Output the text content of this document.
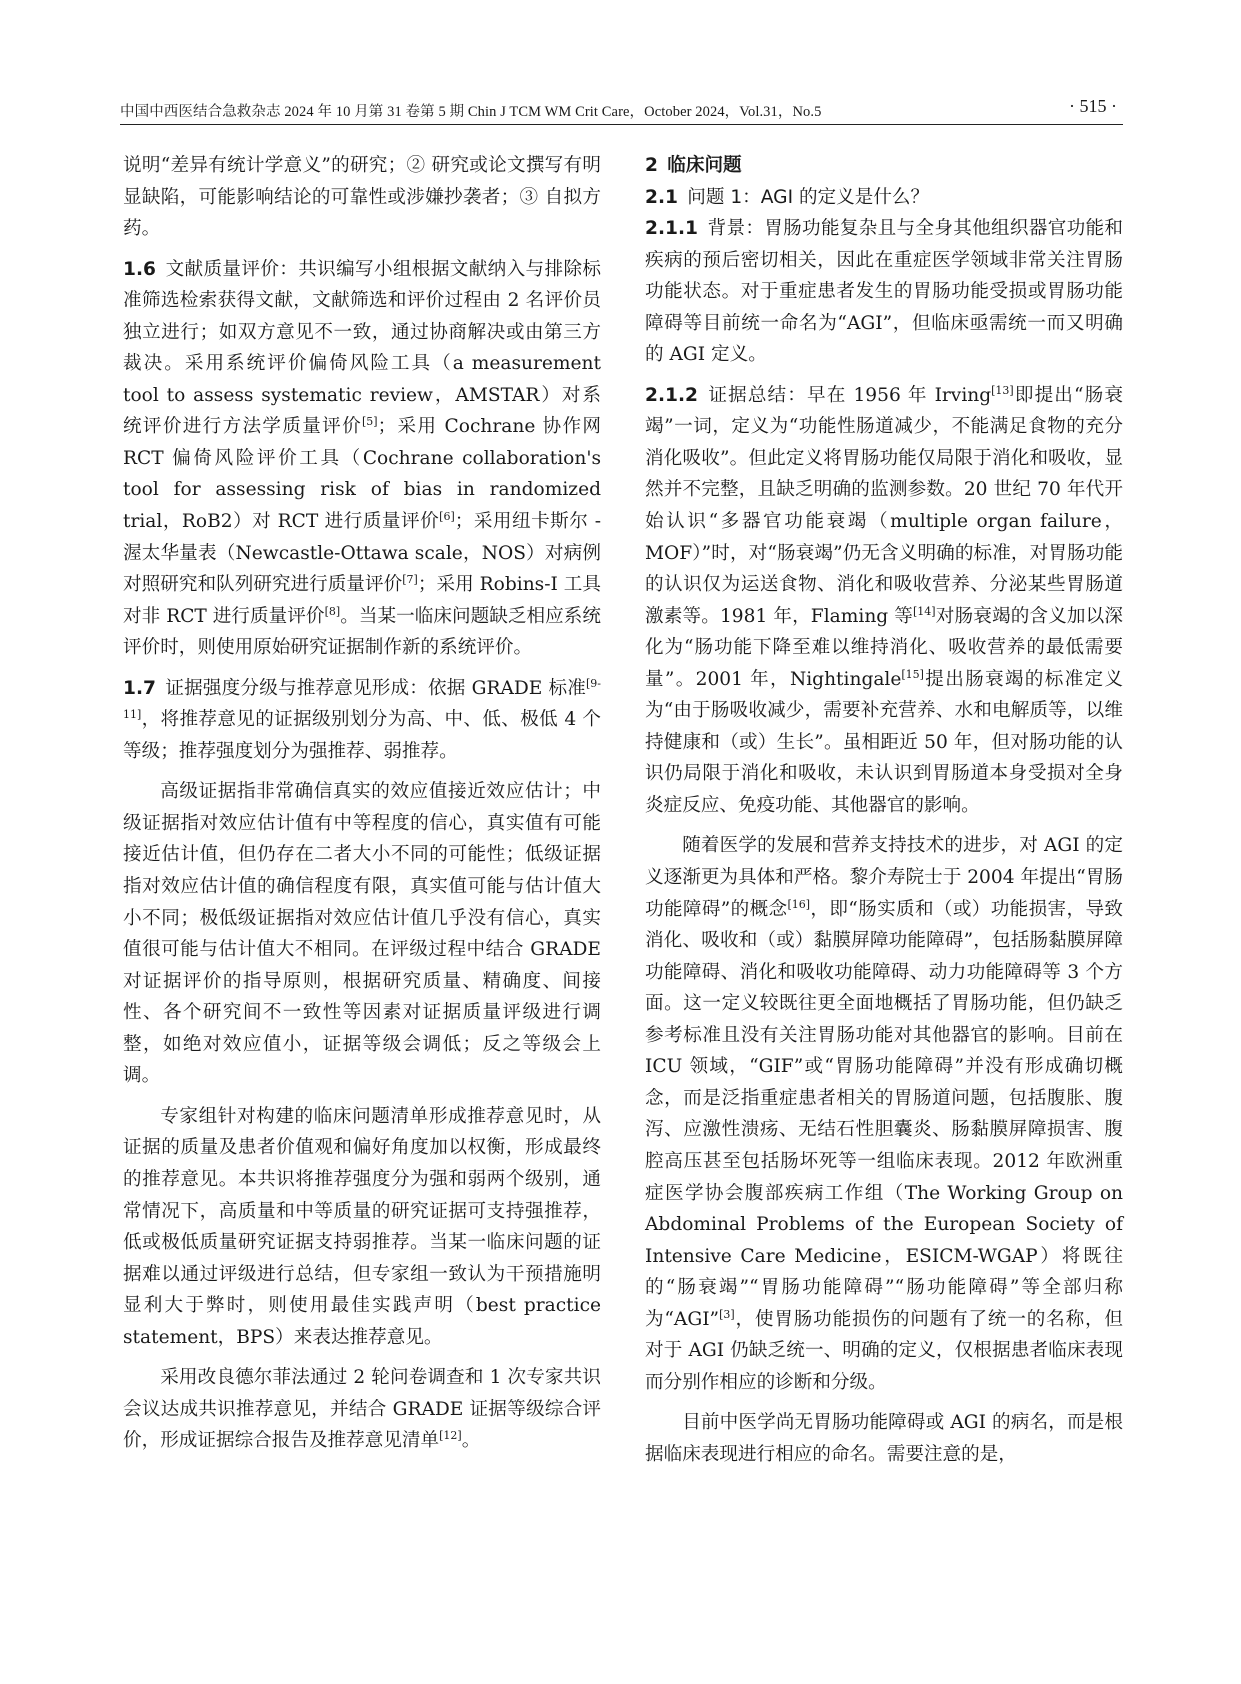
中国中西医结合急救杂志 2024 年 10 月第 31 卷第 5 期 Chin J TCM WM Crit Care，October 2024，Vol.31，No.5	· 515 ·

说明“差异有统计学意义”的研究；② 研究或论文撰写有明显缺陷，可能影响结论的可靠性或涉嫌抄袭者；③ 自拟方药。

1.6 文献质量评价：共识编写小组根据文献纳入与排除标准筛选检索获得文献，文献筛选和评价过程由 2 名评价员独立进行；如双方意见不一致，通过协商解决或由第三方裁决。采用系统评价偏倚风险工具（a measurement tool to assess systematic review，AMSTAR）对系统评价进行方法学质量评价[5]；采用 Cochrane 协作网 RCT 偏倚风险评价工具（Cochrane collaboration's tool for assessing risk of bias in randomized trial，RoB2）对 RCT 进行质量评价[6]；采用纽卡斯尔 - 渥太华量表（Newcastle-Ottawa scale，NOS）对病例对照研究和队列研究进行质量评价[7]；采用 Robins-I 工具对非 RCT 进行质量评价[8]。当某一临床问题缺乏相应系统评价时，则使用原始研究证据制作新的系统评价。

1.7 证据强度分级与推荐意见形成：依据 GRADE 标准[9-11]，将推荐意见的证据级别划分为高、中、低、极低 4 个等级；推荐强度划分为强推荐、弱推荐。

高级证据指非常确信真实的效应值接近效应估计；中级证据指对效应估计值有中等程度的信心，真实值有可能接近估计值，但仍存在二者大小不同的可能性；低级证据指对效应估计值的确信程度有限，真实值可能与估计值大小不同；极低级证据指对效应估计值几乎没有信心，真实值很可能与估计值大不相同。在评级过程中结合 GRADE 对证据评价的指导原则，根据研究质量、精确度、间接性、各个研究间不一致性等因素对证据质量评级进行调整，如绝对效应值小，证据等级会调低；反之等级会上调。

专家组针对构建的临床问题清单形成推荐意见时，从证据的质量及患者价值观和偏好角度加以权衡，形成最终的推荐意见。本共识将推荐强度分为强和弱两个级别，通常情况下，高质量和中等质量的研究证据可支持强推荐，低或极低质量研究证据支持弱推荐。当某一临床问题的证据难以通过评级进行总结，但专家组一致认为干预措施明显利大于弊时，则使用最佳实践声明（best practice statement，BPS）来表达推荐意见。

采用改良德尔菲法通过 2 轮问卷调查和 1 次专家共识会议达成共识推荐意见，并结合 GRADE 证据等级综合评价，形成证据综合报告及推荐意见清单[12]。

2 临床问题

2.1 问题 1：AGI 的定义是什么？

2.1.1 背景：胃肠功能复杂且与全身其他组织器官功能和疾病的预后密切相关，因此在重症医学领域非常关注胃肠功能状态。对于重症患者发生的胃肠功能受损或胃肠功能障碍等目前统一命名为“AGI”，但临床亟需统一而又明确的 AGI 定义。

2.1.2 证据总结：早在 1956 年 Irving[13]即提出“肠衰竭”一词，定义为“功能性肠道减少，不能满足食物的充分消化吸收”。但此定义将胃肠功能仅局限于消化和吸收，显然并不完整，且缺乏明确的监测参数。20 世纪 70 年代开始认识“多器官功能衰竭（multiple organ failure，MOF）”时，对“肠衰竭”仍无含义明确的标准，对胃肠功能的认识仅为运送食物、消化和吸收营养、分泌某些胃肠道激素等。1981 年，Flaming 等[14]对肠衰竭的含义加以深化为“肠功能下降至难以维持消化、吸收营养的最低需要量”。2001 年，Nightingale[15]提出肠衰竭的标准定义为“由于肠吸收减少，需要补充营养、水和电解质等，以维持健康和（或）生长”。虽相距近 50 年，但对肠功能的认识仍局限于消化和吸收，未认识到胃肠道本身受损对全身炎症反应、免疫功能、其他器官的影响。

随着医学的发展和营养支持技术的进步，对 AGI 的定义逐渐更为具体和严格。黎介寿院士于 2004 年提出“胃肠功能障碍”的概念[16]，即“肠实质和（或）功能损害，导致消化、吸收和（或）黏膜屏障功能障碍”，包括肠黏膜屏障功能障碍、消化和吸收功能障碍、动力功能障碍等 3 个方面。这一定义较既往更全面地概括了胃肠功能，但仍缺乏参考标准且没有关注胃肠功能对其他器官的影响。目前在 ICU 领域，“GIF”或“胃肠功能障碍”并没有形成确切概念，而是泛指重症患者相关的胃肠道问题，包括腹胀、腹泻、应激性溃疡、无结石性胆囊炎、肠黏膜屏障损害、腹腔高压甚至包括肠坏死等一组临床表现。2012 年欧洲重症医学协会腹部疾病工作组（The Working Group on Abdominal Problems of the European Society of Intensive Care Medicine，ESICM-WGAP）将既往的“肠衰竭”“胃肠功能障碍”“肠功能障碍”等全部归称为“AGI”[3]，使胃肠功能损伤的问题有了统一的名称，但对于 AGI 仍缺乏统一、明确的定义，仅根据患者临床表现而分别作相应的诊断和分级。

目前中医学尚无胃肠功能障碍或 AGI 的病名，而是根据临床表现进行相应的命名。需要注意的是，
